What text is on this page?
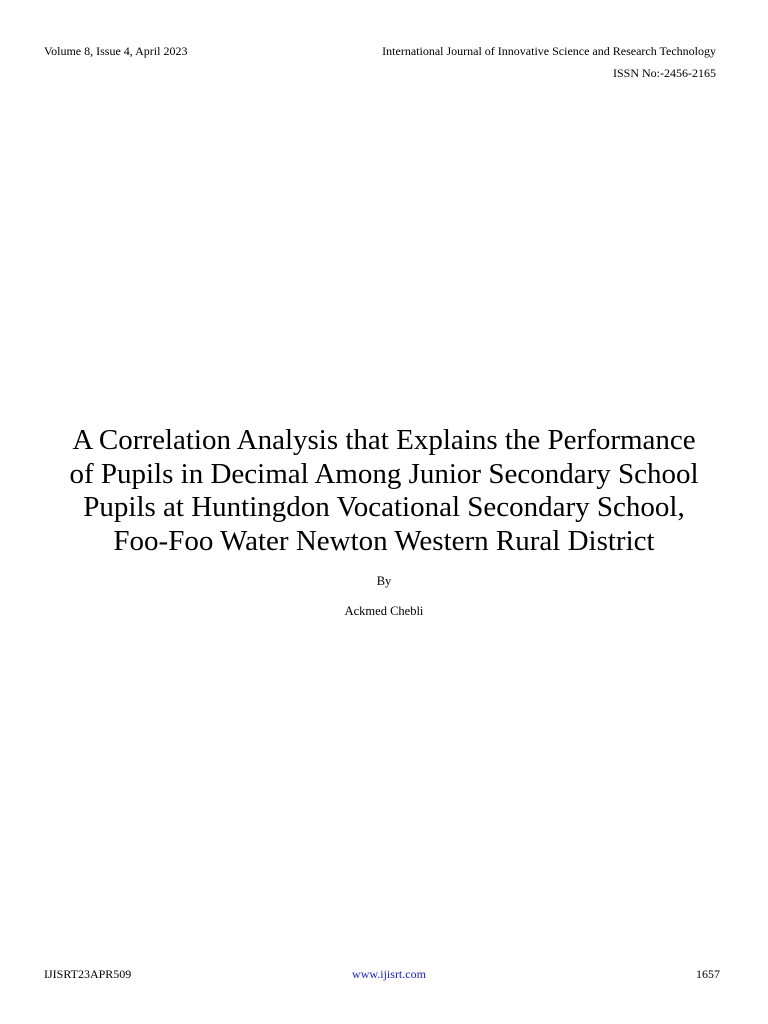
Volume 8, Issue 4, April 2023	International Journal of Innovative Science and Research Technology
ISSN No:-2456-2165
A Correlation Analysis that Explains the Performance
of Pupils in Decimal Among Junior Secondary School
Pupils at Huntingdon Vocational Secondary School,
Foo-Foo Water Newton Western Rural District
By
Ackmed Chebli
IJISRT23APR509	www.ijisrt.com	1657
